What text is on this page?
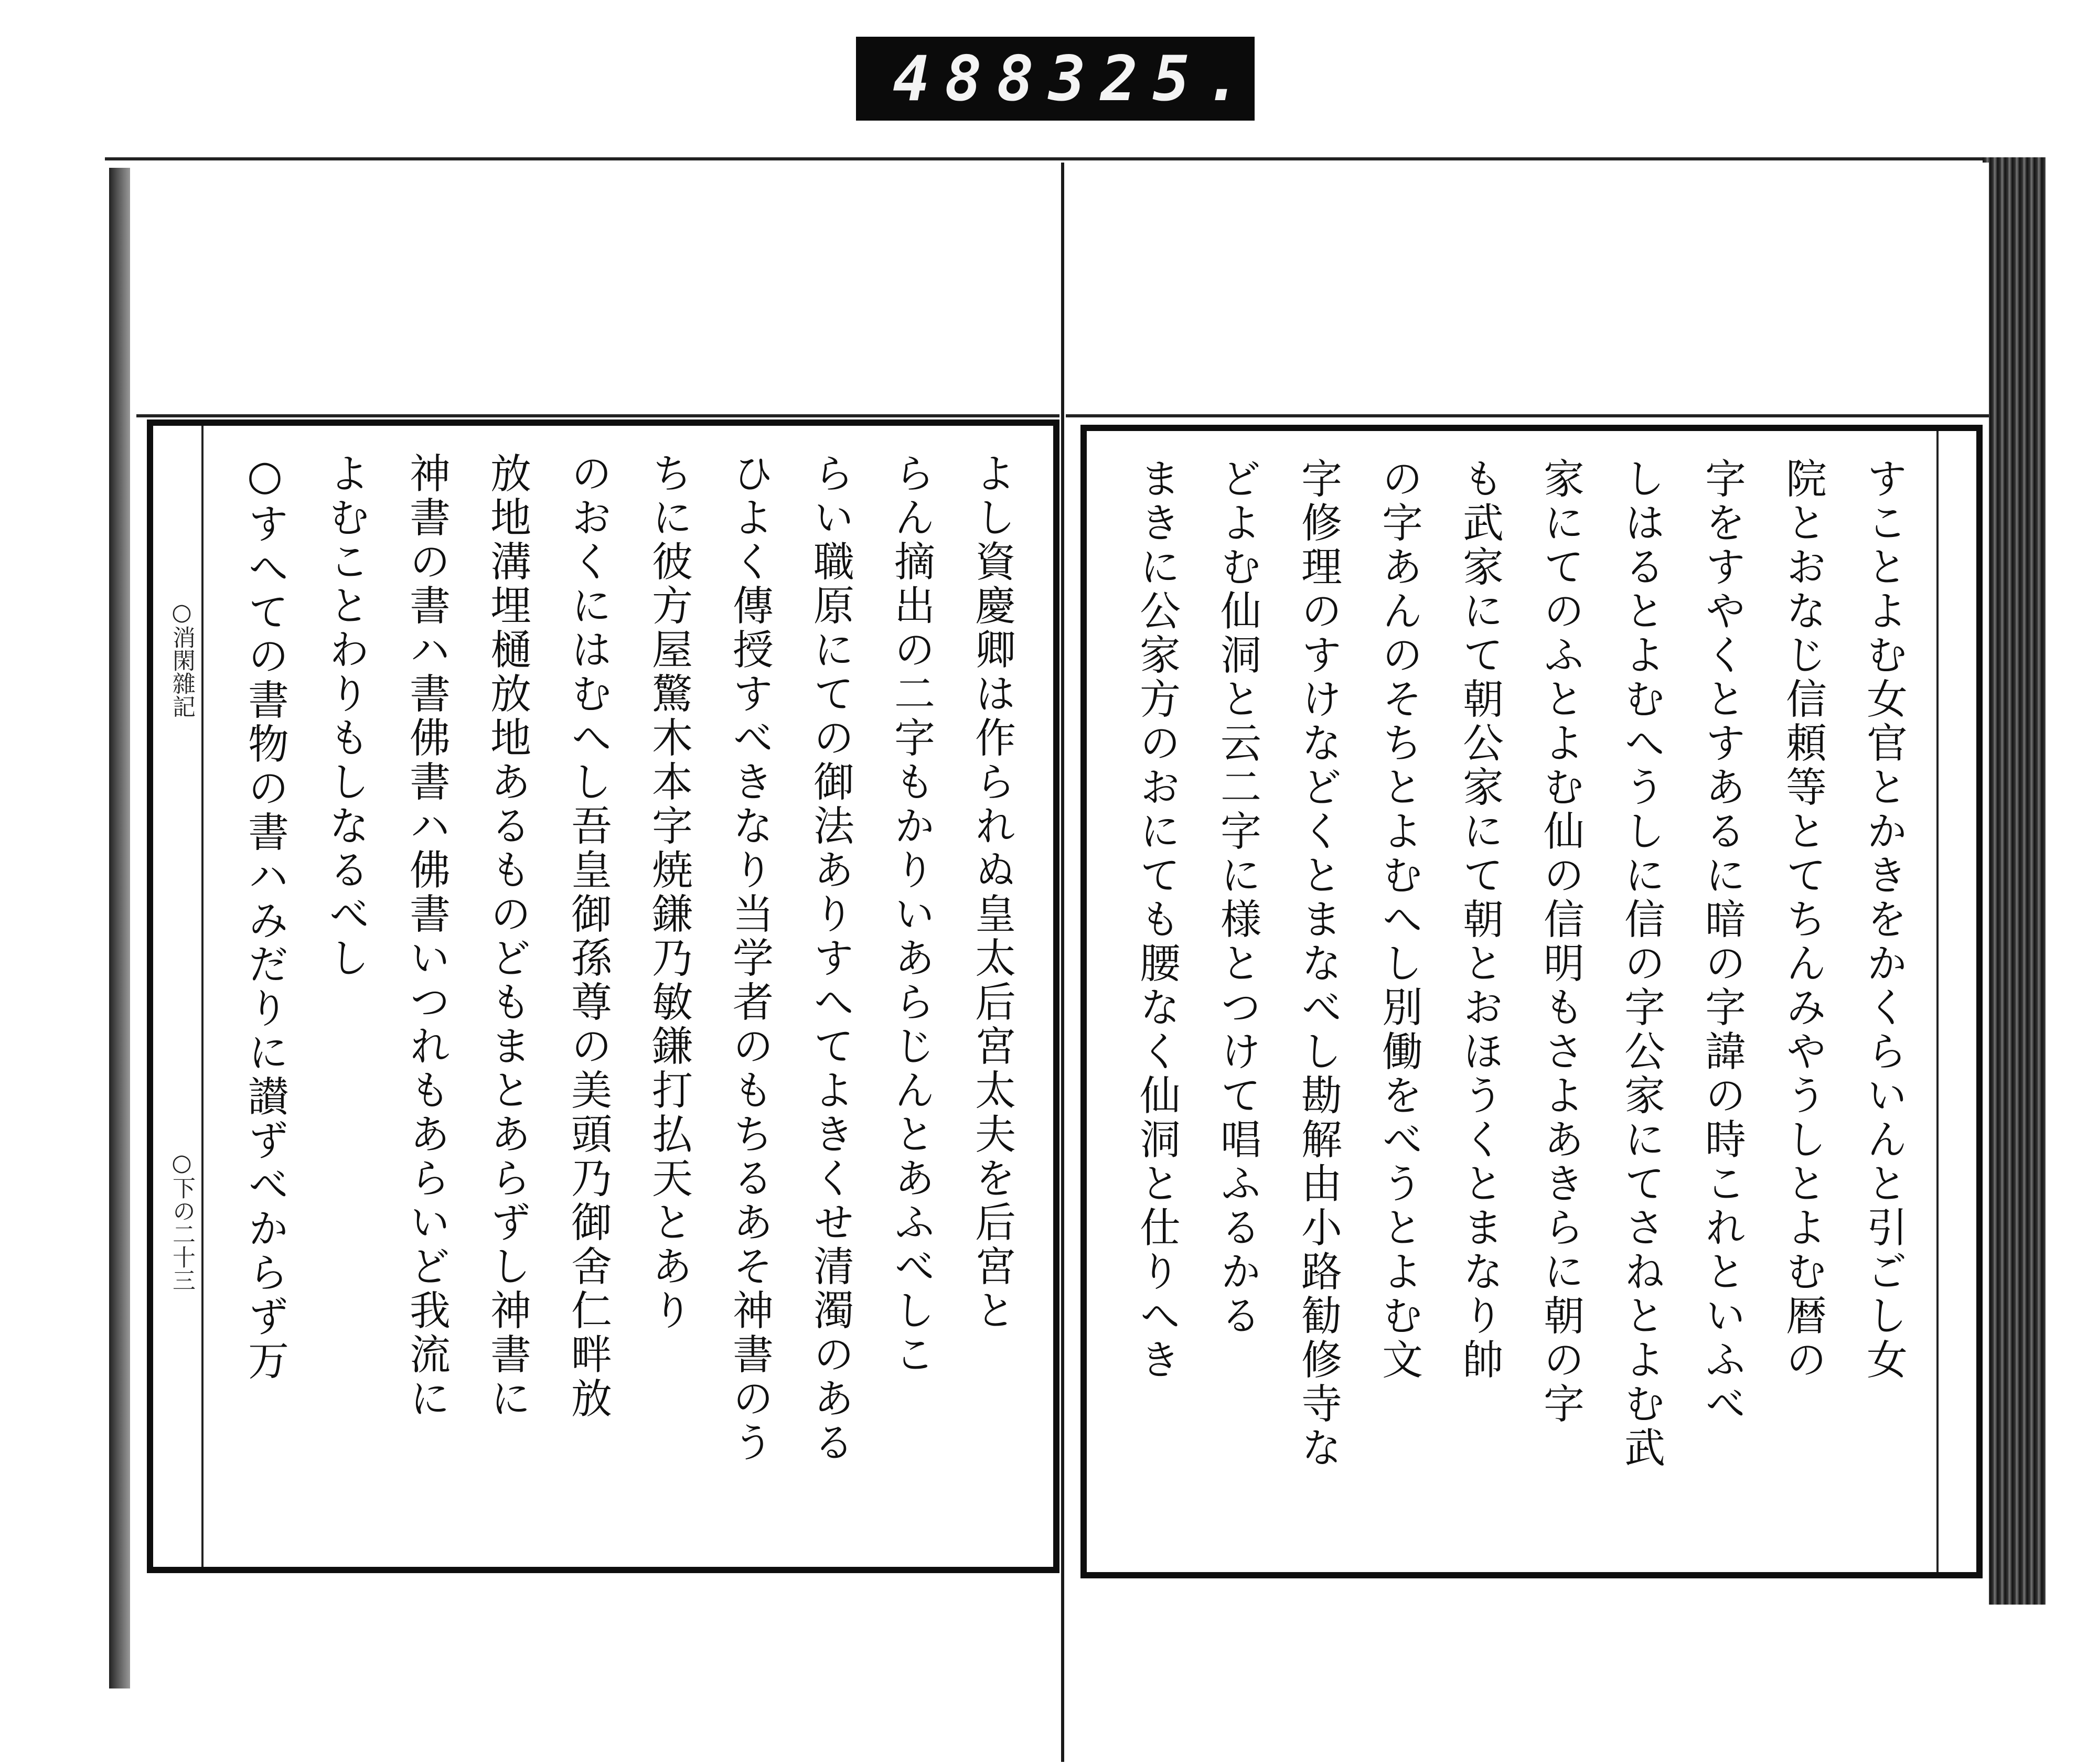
488 325.
○消閑雜記
○下の二十三	よし資慶卿は作られぬ皇太后宮太夫を后宮と
らん摘出の二字もかりいあらじんとあふべしこ
らい職原にての御法ありすへてよきくせ清濁のある
ひよく傳授すべきなり当学者のもちるあそ神書のう
ちに彼方屋驚木本字焼鎌乃敏鎌打払天とあり
のおくにはむへし吾皇御孫尊の美頭乃御舍仁畔放
放地溝埋樋放地あるものどもまとあらずし神書に
神書の書ハ書佛書ハ佛書いつれもあらいど我流に
よむことわりもしなるべし
○すへての書物の書ハみだりに讃ずべからず万	すことよむ女官とかきをかくらいんと引ごし女
院とおなじ信頼等とてちんみやうしとよむ暦の
字をすやくとすあるに暗の字諱の時これといふべ
しはるとよむへうしに信の字公家にてさねとよむ武
家にてのふとよむ仙の信明もさよあきらに朝の字
も武家にて朝公家にて朝とおほうくとまなり帥
の字あんのそちとよむへし別働をべうとよむ文
字修理のすけなどくとまなべし勘解由小路勧修寺な
どよむ仙洞と云二字に様とつけて唱ふるかる
まきに公家方のおにても腰なく仙洞と仕りへき
